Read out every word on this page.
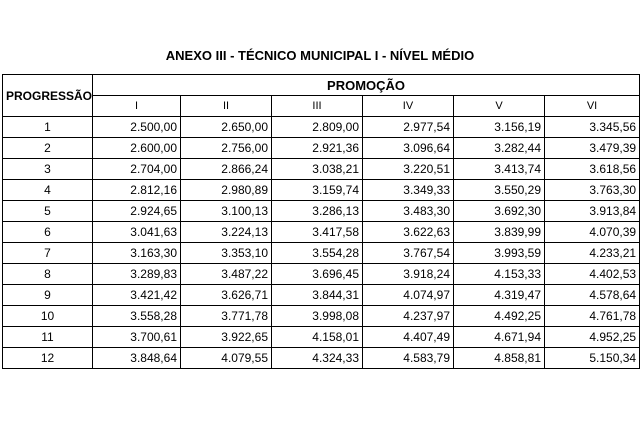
ANEXO III - TÉCNICO MUNICIPAL I - NÍVEL MÉDIO
PROGRESSÃO	PROMOÇÃO					
	I	II	III	IV	V	VI
1	2.500,00	2.650,00	2.809,00	2.977,54	3.156,19	3.345,56
2	2.600,00	2.756,00	2.921,36	3.096,64	3.282,44	3.479,39
3	2.704,00	2.866,24	3.038,21	3.220,51	3.413,74	3.618,56
4	2.812,16	2.980,89	3.159,74	3.349,33	3.550,29	3.763,30
5	2.924,65	3.100,13	3.286,13	3.483,30	3.692,30	3.913,84
6	3.041,63	3.224,13	3.417,58	3.622,63	3.839,99	4.070,39
7	3.163,30	3.353,10	3.554,28	3.767,54	3.993,59	4.233,21
8	3.289,83	3.487,22	3.696,45	3.918,24	4.153,33	4.402,53
9	3.421,42	3.626,71	3.844,31	4.074,97	4.319,47	4.578,64
10	3.558,28	3.771,78	3.998,08	4.237,97	4.492,25	4.761,78
11	3.700,61	3.922,65	4.158,01	4.407,49	4.671,94	4.952,25
12	3.848,64	4.079,55	4.324,33	4.583,79	4.858,81	5.150,34
